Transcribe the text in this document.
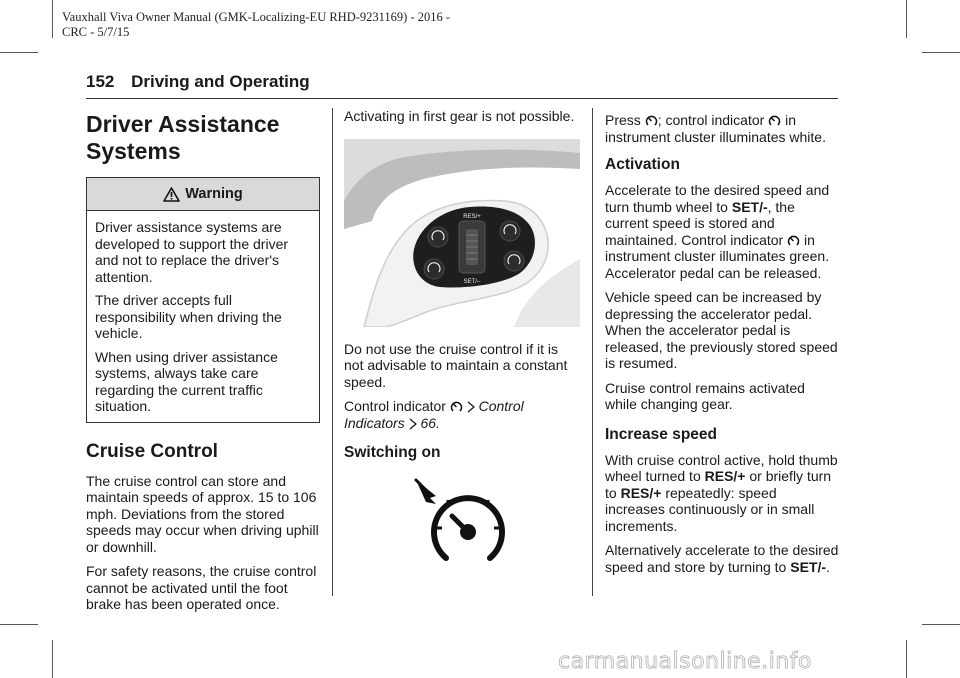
Vauxhall Viva Owner Manual (GMK-Localizing-EU RHD-9231169) - 2016 -
CRC - 5/7/15
152 Driving and Operating
Driver Assistance
Systems
Warning

Driver assistance systems are developed to support the driver and not to replace the driver's attention.

The driver accepts full responsibility when driving the vehicle.

When using driver assistance systems, always take care regarding the current traffic situation.

Cruise Control

The cruise control can store and maintain speeds of approx. 15 to 106 mph. Deviations from the stored speeds may occur when driving uphill or downhill.

For safety reasons, the cruise control cannot be activated until the foot brake has been operated once.

Activating in first gear is not possible.

RES/+
SET/–

Do not use the cruise control if it is not advisable to maintain a constant speed.

Control indicator   Control Indicators  66.

Switching on

Press ; control indicator  in instrument cluster illuminates white.

Activation

Accelerate to the desired speed and turn thumb wheel to SET/-, the current speed is stored and maintained. Control indicator  in instrument cluster illuminates green. Accelerator pedal can be released.

Vehicle speed can be increased by depressing the accelerator pedal. When the accelerator pedal is released, the previously stored speed is resumed.

Cruise control remains activated while changing gear.

Increase speed

With cruise control active, hold thumb wheel turned to RES/+ or briefly turn to RES/+ repeatedly: speed increases continuously or in small increments.

Alternatively accelerate to the desired speed and store by turning to SET/-.

carmanualsonline.info
